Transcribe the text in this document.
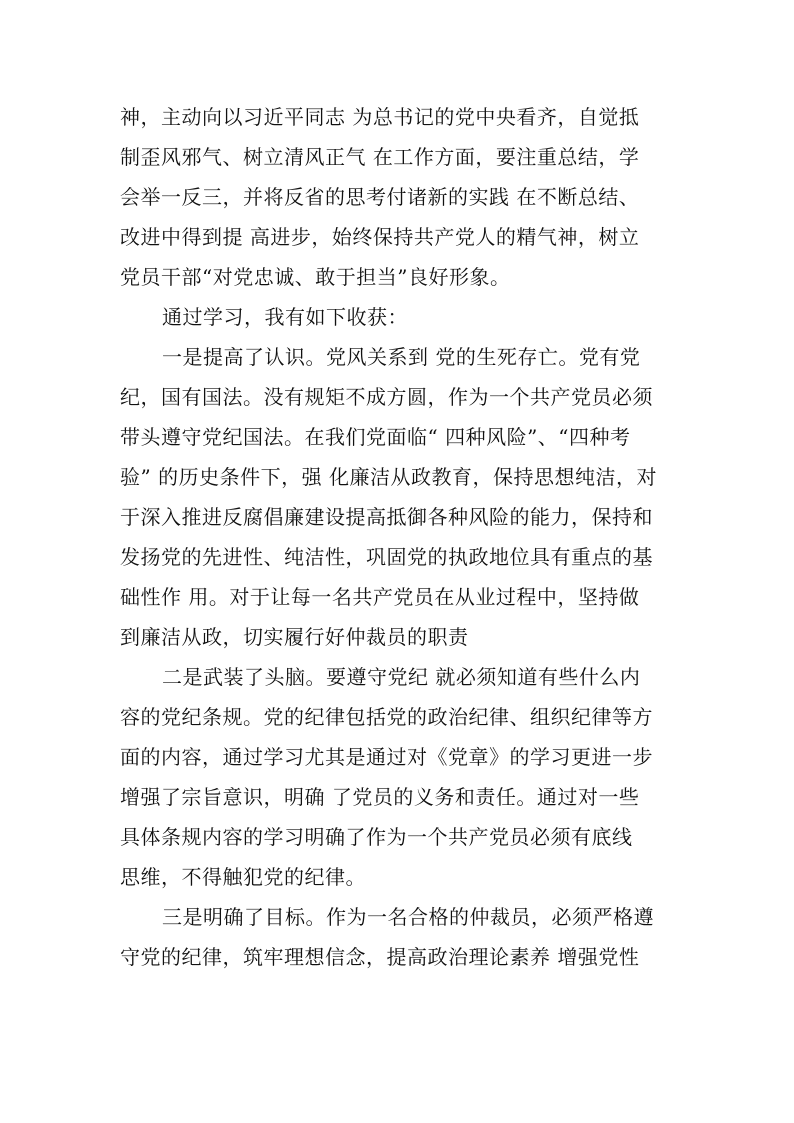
神，主动向以习近平同志 为总书记的党中央看齐，自觉抵
制歪风邪气、树立清风正气 在工作方面，要注重总结，学
会举一反三，并将反省的思考付诸新的实践 在不断总结、
改进中得到提 高进步，始终保持共产党人的精气神，树立
党员干部“对党忠诚、敢于担当”良好形象。
通过学习，我有如下收获：
一是提高了认识。党风关系到 党的生死存亡。党有党
纪，国有国法。没有规矩不成方圆，作为一个共产党员必须
带头遵守党纪国法。在我们党面临“ 四种风险”、“四种考
验” 的历史条件下，强 化廉洁从政教育，保持思想纯洁，对
于深入推进反腐倡廉建设提高抵御各种风险的能力，保持和
发扬党的先进性、纯洁性，巩固党的执政地位具有重点的基
础性作 用。对于让每一名共产党员在从业过程中，坚持做
到廉洁从政，切实履行好仲裁员的职责
二是武装了头脑。要遵守党纪 就必须知道有些什么内
容的党纪条规。党的纪律包括党的政治纪律、组织纪律等方
面的内容，通过学习尤其是通过对《党章》的学习更进一步
增强了宗旨意识，明确 了党员的义务和责任。通过对一些
具体条规内容的学习明确了作为一个共产党员必须有底线
思维，不得触犯党的纪律。
三是明确了目标。作为一名合格的仲裁员，必须严格遵
守党的纪律，筑牢理想信念，提高政治理论素养 增强党性
